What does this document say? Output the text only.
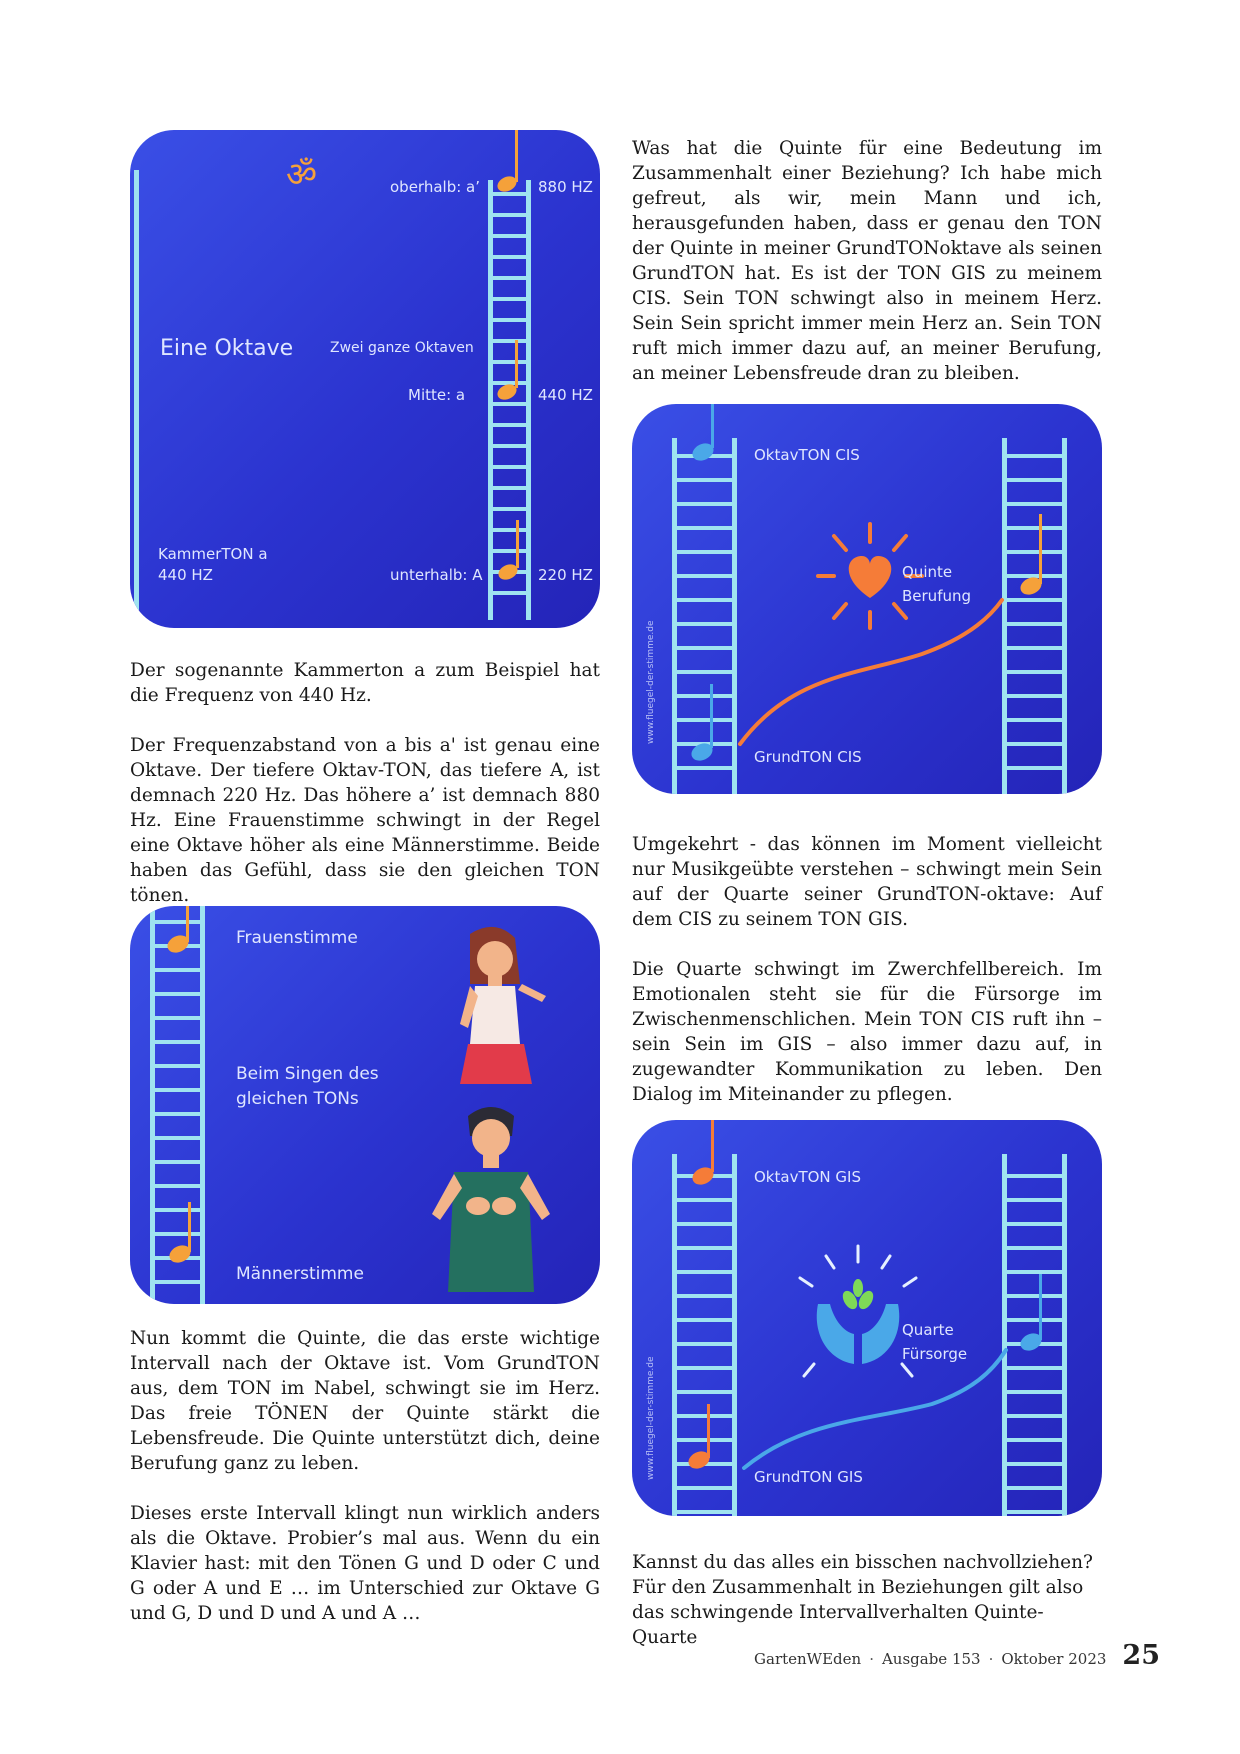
Der sogenannte Kammerton a zum Beispiel hat die Frequenz von 440 Hz.

Der Frequenzabstand von a bis a' ist genau eine Oktave. Der tiefere Oktav-TON, das tiefere A, ist demnach 220 Hz. Das höhere a’ ist demnach 880 Hz. Eine Frauenstimme schwingt in der Regel eine Oktave höher als eine Männerstimme. Beide haben das Gefühl, dass sie den gleichen TON tönen.

Nun kommt die Quinte, die das erste wichtige Intervall nach der Oktave ist. Vom GrundTON aus, dem TON im Nabel, schwingt sie im Herz. Das freie TÖNEN der Quinte stärkt die Lebensfreude. Die Quinte unterstützt dich, deine Berufung ganz zu leben.

Dieses erste Intervall klingt nun wirklich anders als die Oktave. Probier’s mal aus. Wenn du ein Klavier hast: mit den Tönen G und D oder C und G oder A und E … im Unterschied zur Oktave G und G, D und D und A und A …

Was hat die Quinte für eine Bedeutung im Zusammenhalt einer Beziehung? Ich habe mich gefreut, als wir, mein Mann und ich, herausgefunden haben, dass er genau den TON der Quinte in meiner GrundTONoktave als seinen GrundTON hat. Es ist der TON GIS zu meinem CIS. Sein TON schwingt also in meinem Herz. Sein Sein spricht immer mein Herz an. Sein TON ruft mich immer dazu auf, an meiner Berufung, an meiner Lebensfreude dran zu bleiben.

Umgekehrt - das können im Moment vielleicht nur Musikgeübte verstehen – schwingt mein Sein auf der Quarte seiner GrundTON-oktave: Auf dem CIS zu seinem TON GIS.

Die Quarte schwingt im Zwerchfellbereich. Im Emotionalen steht sie für die Fürsorge im Zwischenmenschlichen. Mein TON CIS ruft ihn – sein Sein im GIS – also immer dazu auf, in zugewandter Kommunikation zu leben. Den Dialog im Miteinander zu pflegen.

Kannst du das alles ein bisschen nachvollziehen?
Für den Zusammenhalt in Beziehungen gilt also das schwingende Intervallverhalten Quinte-Quarte

ॐ	oberhalb: a’	880 HZ
Eine Oktave	Zwei ganze Oktaven
Mitte: a	440 HZ
KammerTON a
440 HZ	unterhalb: A	220 HZ
Frauenstimme
Beim Singen des
gleichen TONs
Männerstimme
www.fluegel-der-stimme.de
OktavTON CIS
Quinte
Berufung
GrundTON CIS
www.fluegel-der-stimme.de
OktavTON GIS
Quarte
Fürsorge
GrundTON GIS
GartenWEden · Ausgabe 153 · Oktober 2023 25
